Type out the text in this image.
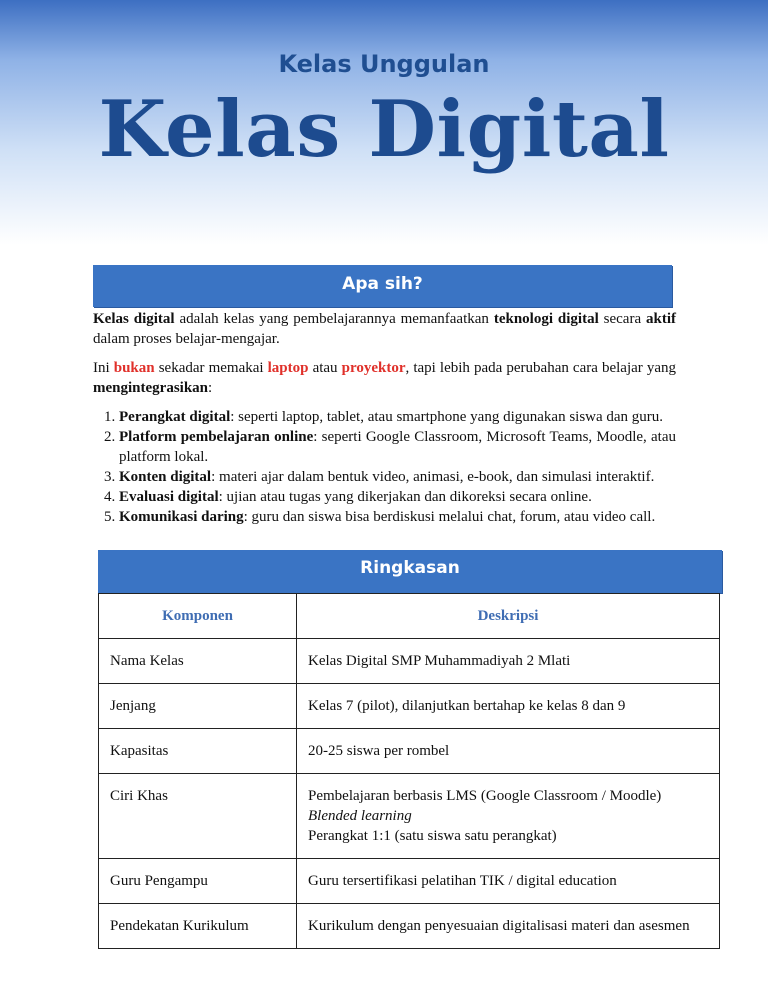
Kelas Unggulan
Kelas Digital
Apa sih?

Kelas digital adalah kelas yang pembelajarannya memanfaatkan teknologi digital secara aktif dalam proses belajar-mengajar.

Ini bukan sekadar memakai laptop atau proyektor, tapi lebih pada perubahan cara belajar yang mengintegrasikan:

1. Perangkat digital: seperti laptop, tablet, atau smartphone yang digunakan siswa dan guru.
2. Platform pembelajaran online: seperti Google Classroom, Microsoft Teams, Moodle, atau platform lokal.
3. Konten digital: materi ajar dalam bentuk video, animasi, e-book, dan simulasi interaktif.
4. Evaluasi digital: ujian atau tugas yang dikerjakan dan dikoreksi secara online.
5. Komunikasi daring: guru dan siswa bisa berdiskusi melalui chat, forum, atau video call.
Ringkasan
Komponen	Deskripsi
Nama Kelas	Kelas Digital SMP Muhammadiyah 2 Mlati
Jenjang	Kelas 7 (pilot), dilanjutkan bertahap ke kelas 8 dan 9
Kapasitas	20-25 siswa per rombel
Ciri Khas	Pembelajaran berbasis LMS (Google Classroom / Moodle)
Blended learning
Perangkat 1:1 (satu siswa satu perangkat)

Guru Pengampu	Guru tersertifikasi pelatihan TIK / digital education
Pendekatan Kurikulum	Kurikulum dengan penyesuaian digitalisasi materi dan asesmen
